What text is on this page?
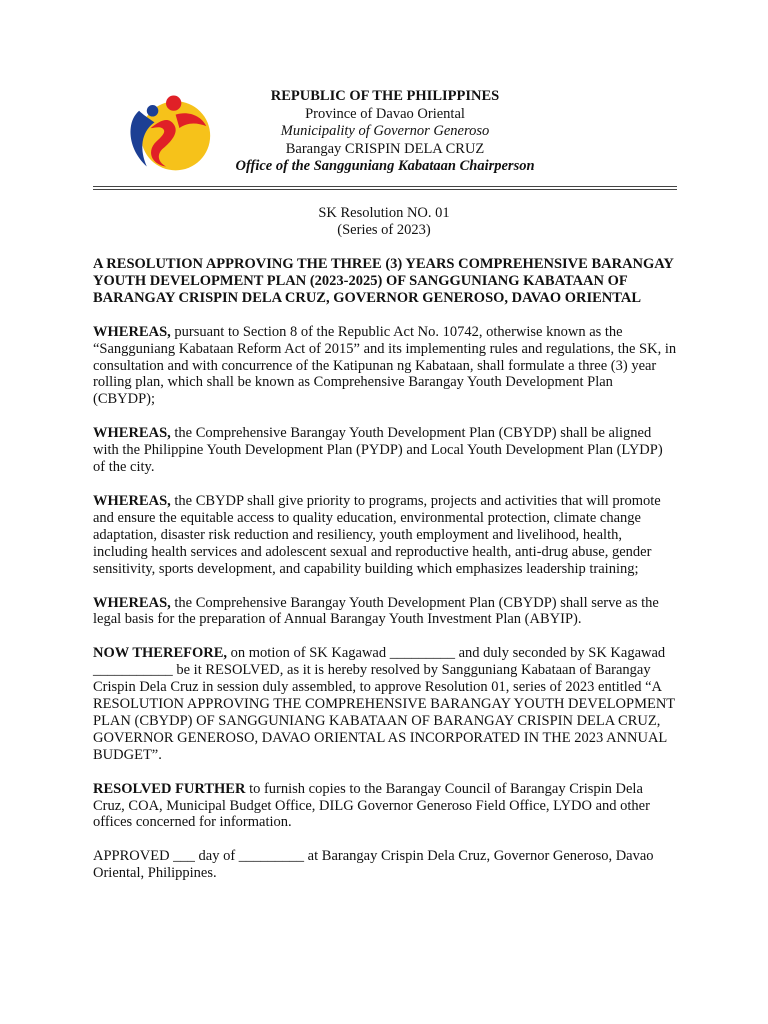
REPUBLIC OF THE PHILIPPINES
Province of Davao Oriental
Municipality of Governor Generoso
Barangay CRISPIN DELA CRUZ
Office of the Sangguniang Kabataan Chairperson
SK Resolution NO. 01
(Series of 2023)

A RESOLUTION APPROVING THE THREE (3) YEARS COMPREHENSIVE BARANGAY YOUTH DEVELOPMENT PLAN (2023-2025) OF SANGGUNIANG KABATAAN OF BARANGAY CRISPIN DELA CRUZ, GOVERNOR GENEROSO, DAVAO ORIENTAL

WHEREAS, pursuant to Section 8 of the Republic Act No. 10742, otherwise known as the “Sangguniang Kabataan Reform Act of 2015” and its implementing rules and regulations, the SK, in consultation and with concurrence of the Katipunan ng Kabataan, shall formulate a three (3) year rolling plan, which shall be known as Comprehensive Barangay Youth Development Plan (CBYDP);

WHEREAS, the Comprehensive Barangay Youth Development Plan (CBYDP) shall be aligned with the Philippine Youth Development Plan (PYDP) and Local Youth Development Plan (LYDP) of the city.

WHEREAS, the CBYDP shall give priority to programs, projects and activities that will promote and ensure the equitable access to quality education, environmental protection, climate change adaptation, disaster risk reduction and resiliency, youth employment and livelihood, health, including health services and adolescent sexual and reproductive health, anti-drug abuse, gender sensitivity, sports development, and capability building which emphasizes leadership training;

WHEREAS, the Comprehensive Barangay Youth Development Plan (CBYDP) shall serve as the legal basis for the preparation of Annual Barangay Youth Investment Plan (ABYIP).

NOW THEREFORE, on motion of SK Kagawad _________ and duly seconded by SK Kagawad ___________ be it RESOLVED, as it is hereby resolved by Sangguniang Kabataan of Barangay Crispin Dela Cruz in session duly assembled, to approve Resolution 01, series of 2023 entitled “A RESOLUTION APPROVING THE COMPREHENSIVE BARANGAY YOUTH DEVELOPMENT PLAN (CBYDP) OF SANGGUNIANG KABATAAN OF BARANGAY CRISPIN DELA CRUZ, GOVERNOR GENEROSO, DAVAO ORIENTAL AS INCORPORATED IN THE 2023 ANNUAL BUDGET”.

RESOLVED FURTHER to furnish copies to the Barangay Council of Barangay Crispin Dela Cruz, COA, Municipal Budget Office, DILG Governor Generoso Field Office, LYDO and other offices concerned for information.

APPROVED ___ day of _________ at Barangay Crispin Dela Cruz, Governor Generoso, Davao Oriental, Philippines.
